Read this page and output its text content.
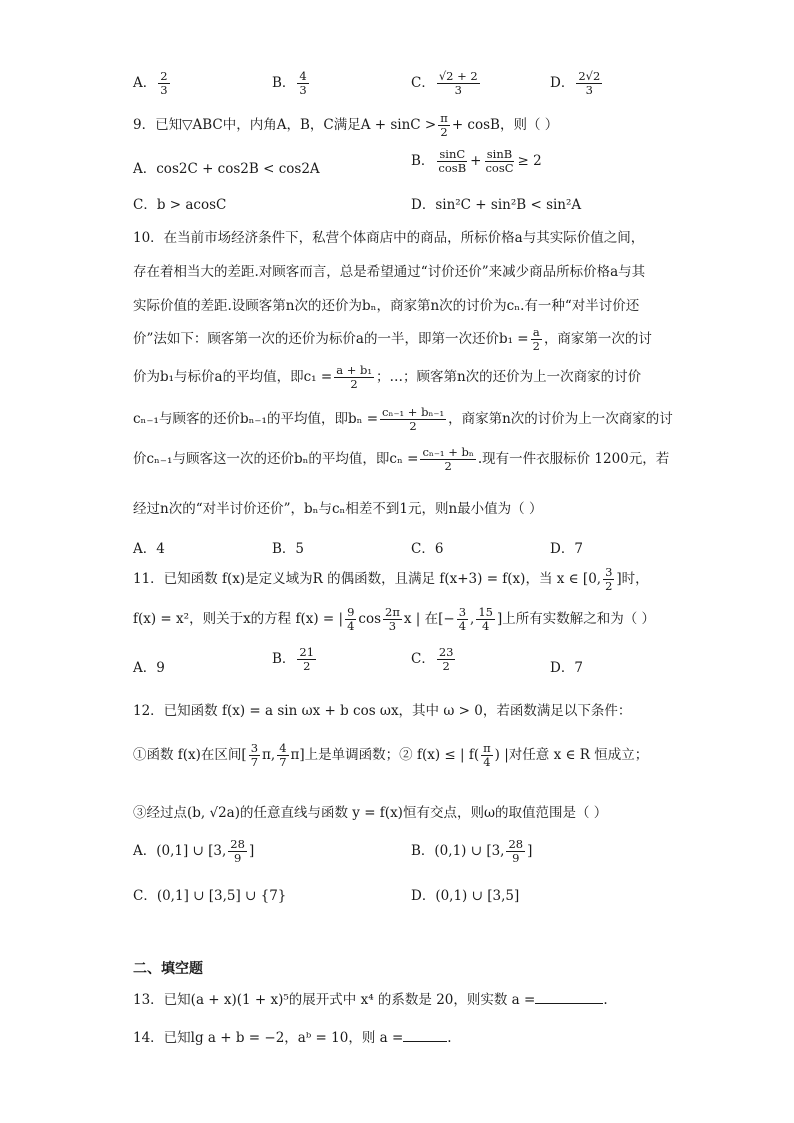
A． $\frac{2}{3}$	B． $\frac{4}{3}$	C． $\frac{√2 + 2}{3}$	D． $\frac{2√2}{3}$
9．已知▽ABC中，内角A，B，C满足$A + \sin C > \frac{\pi}{2} + \cos B$，则（ ）
A．cos2C + cos2B < cos2A	B． $\frac{\sin C}{\cos B} + \frac{\sin B}{\cos C} \ge 2$
C．b > acosC	D．sin²C + sin²B < sin²A
10．在当前市场经济条件下，私营个体商店中的商品，所标价格a与其实际价值之间，
存在着相当大的差距.对顾客而言，总是希望通过“讨价还价”来减少商品所标价格a与其
实际价值的差距.设顾客第n次的还价为bₙ，商家第n次的讨价为cₙ.有一种“对半讨价还
价”法如下：顾客第一次的还价为标价a的一半，即第一次还价$b_1 = \frac{a}{2}$ ，商家第一次的讨
价为b₁与标价a的平均值，即$c_1 = \frac{\text{a + b₁}}{2}$ ；…；顾客第n次的还价为上一次商家的讨价
cₙ₋₁与顾客的还价bₙ₋₁的平均值，即$b_n = \frac{\text{cₙ₋₁ + bₙ₋₁}}{2}$ ，商家第n次的讨价为上一次商家的讨
价cₙ₋₁与顾客这一次的还价bₙ的平均值，即$c_n = \frac{\text{cₙ₋₁ + bₙ}}{2}$ .现有一件衣服标价 1200元，若
经过n次的“对半讨价还价”，bₙ与cₙ相差不到1元，则n最小值为（ ）
A．4	B．5	C．6	D．7
11．已知函数 f(x)是定义域为R 的偶函数，且满足 f(x+3) = f(x)，当 x ∈ [0, $\frac{3}{2}$ ]时，
f(x) = x²，则关于x的方程 f(x) = | $\frac{9}{4}$ $\cos \frac{2\pi}{3}$ x | 在[− $\frac{3}{4}$ , $\frac{15}{4}$ ]上所有实数解之和为（ ）
A．9
B． $\frac{21}{2}$	C． $\frac{23}{2}$	D．7
12．已知函数 f(x) = a sin ωx + b cos ωx，其中 ω > 0，若函数满足以下条件：
①函数 f(x)在区间[ $\frac{3}{7} \pi$, $\frac{4}{7} \pi$]上是单调函数；② f(x) ≤ | $f( \frac{\pi}{4}$ ) |对任意 x ∈ R 恒成立；
③经过点(b, √2a)的任意直线与函数 y = f(x)恒有交点，则ω的取值范围是（ ）
A．(0,1] ∪ [3, $\frac{28}{9}$ ]	B．(0,1) ∪ [3, $\frac{28}{9}$ ]
C．(0,1] ∪ [3,5] ∪ {7}	D．(0,1) ∪ [3,5]
二、填空题
13．已知(a + x)(1 + x)⁵的展开式中 x⁴ 的系数是 20，则实数 a =	.
14．已知lg a + b = −2，aᵇ = 10，则 a =	.
